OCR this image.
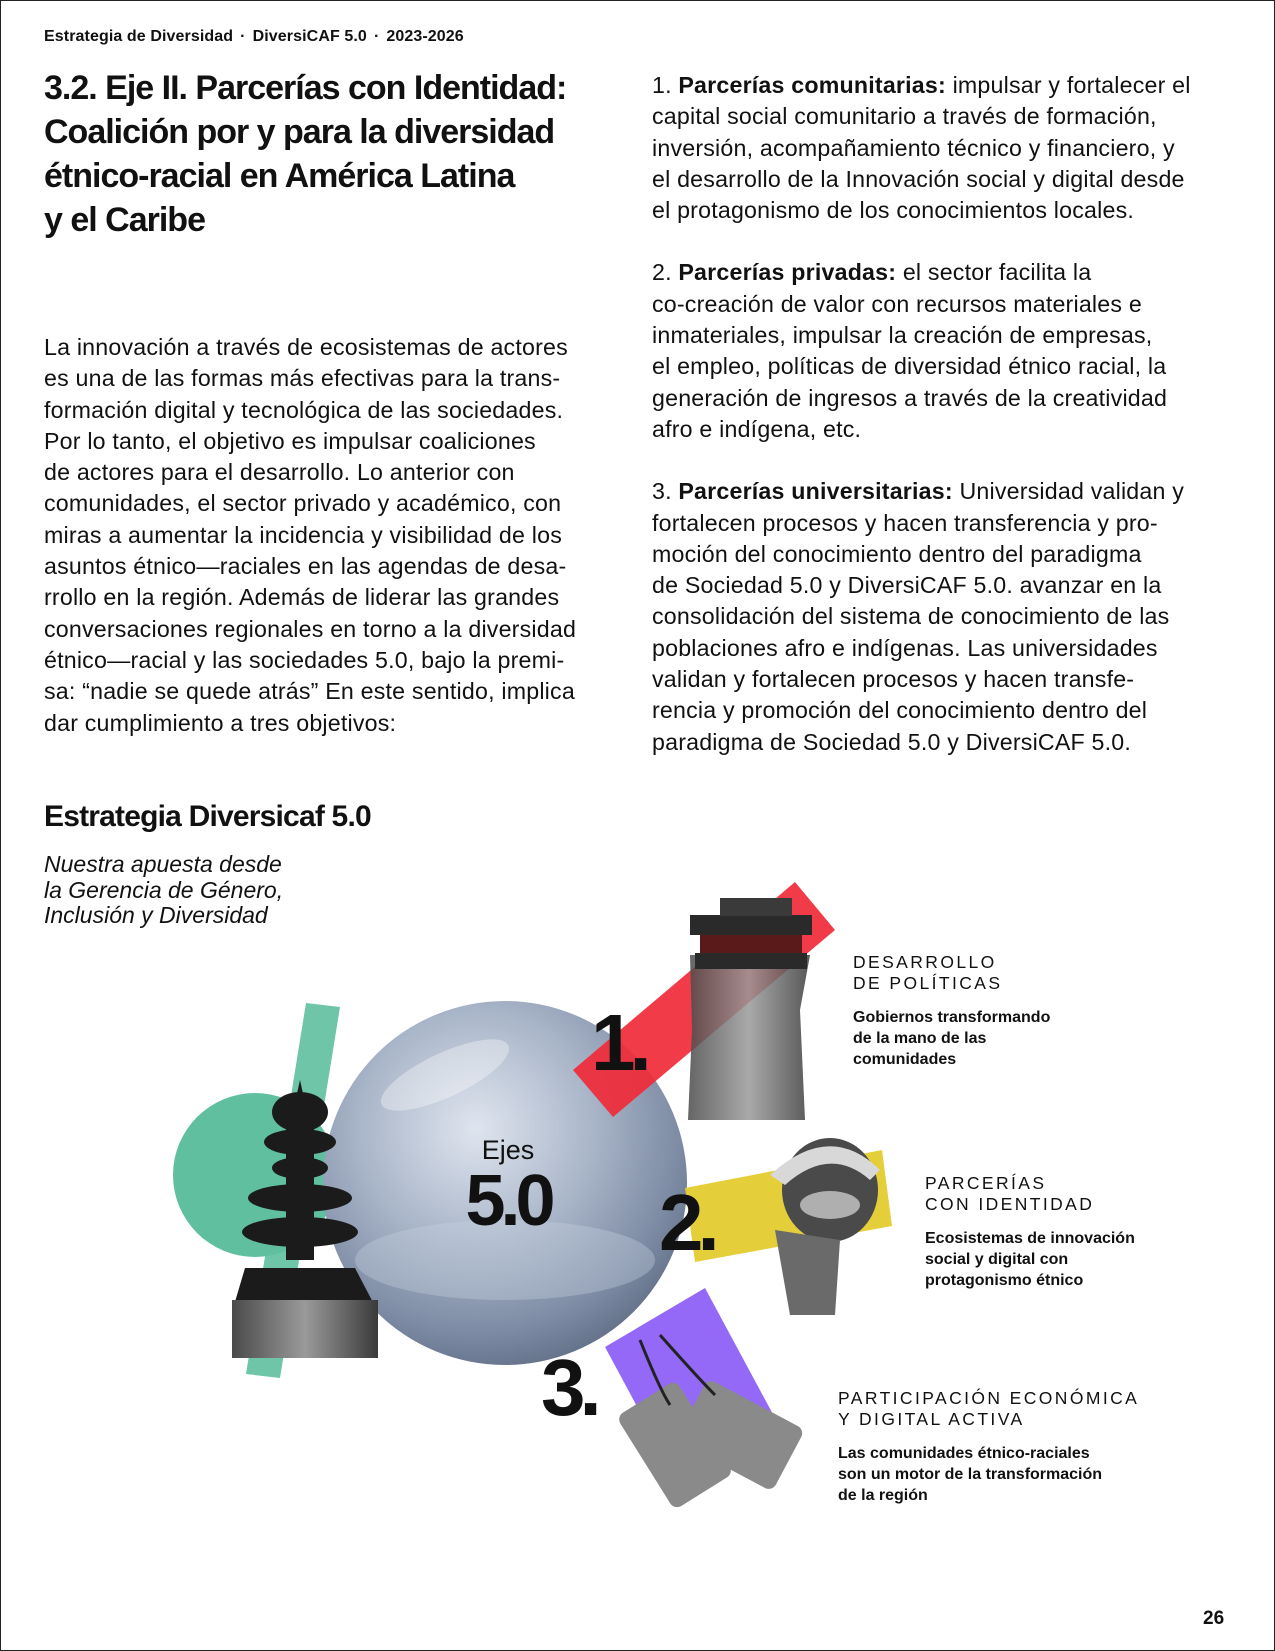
Estrategia de Diversidad · DiversiCAF 5.0 · 2023-2026
3.2. Eje II. Parcerías con Identidad:
Coalición por y para la diversidad
étnico-racial en América Latina
y el Caribe
La innovación a través de ecosistemas de actores
es una de las formas más efectivas para la trans-
formación digital y tecnológica de las sociedades.
Por lo tanto, el objetivo es impulsar coaliciones
de actores para el desarrollo. Lo anterior con
comunidades, el sector privado y académico, con
miras a aumentar la incidencia y visibilidad de los
asuntos étnico—raciales en las agendas de desa-
rrollo en la región. Además de liderar las grandes
conversaciones regionales en torno a la diversidad
étnico—racial y las sociedades 5.0, bajo la premi-
sa: “nadie se quede atrás” En este sentido, implica
dar cumplimiento a tres objetivos:
1. Parcerías comunitarias: impulsar y fortalecer el
capital social comunitario a través de formación,
inversión, acompañamiento técnico y financiero, y
el desarrollo de la Innovación social y digital desde
el protagonismo de los conocimientos locales.
2. Parcerías privadas: el sector facilita la
co-creación de valor con recursos materiales e
inmateriales, impulsar la creación de empresas,
el empleo, políticas de diversidad étnico racial, la
generación de ingresos a través de la creatividad
afro e indígena, etc.
3. Parcerías universitarias: Universidad validan y
fortalecen procesos y hacen transferencia y pro-
moción del conocimiento dentro del paradigma
de Sociedad 5.0 y DiversiCAF 5.0. avanzar en la
consolidación del sistema de conocimiento de las
poblaciones afro e indígenas. Las universidades
validan y fortalecen procesos y hacen transfe-
rencia y promoción del conocimiento dentro del
paradigma de Sociedad 5.0 y DiversiCAF 5.0.
Estrategia Diversicaf 5.0
Nuestra apuesta desde
la Gerencia de Género,
Inclusión y Diversidad
Ejes
5.0
1.
2.
3.
DESARROLLO
DE POLÍTICAS
Gobiernos transformando
de la mano de las
comunidades
PARCERÍAS
CON IDENTIDAD
Ecosistemas de innovación
social y digital con
protagonismo étnico
PARTICIPACIÓN ECONÓMICA
Y DIGITAL ACTIVA
Las comunidades étnico-raciales
son un motor de la transformación
de la región
26
